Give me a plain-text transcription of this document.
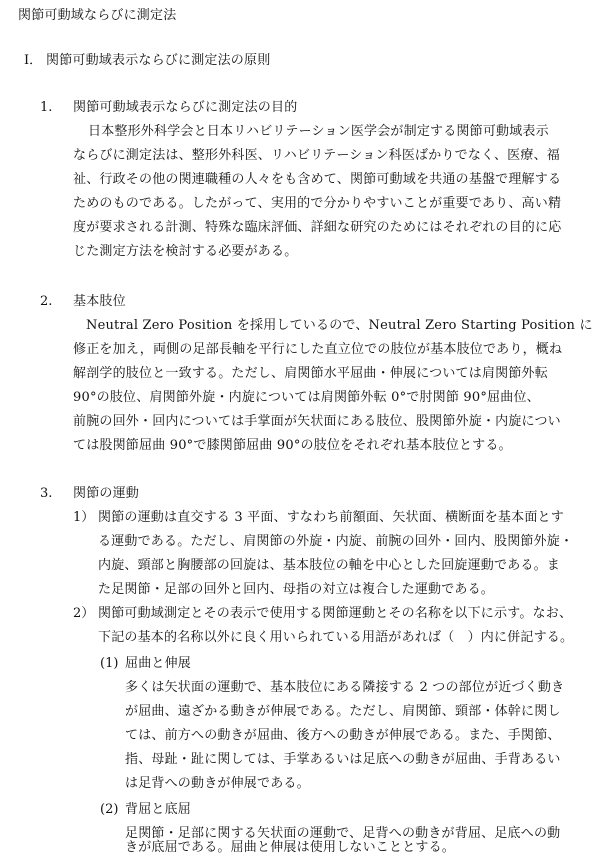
関節可動域ならびに測定法
I． 関節可動域表示ならびに測定法の原則
1. 関節可動域表示ならびに測定法の目的
日本整形外科学会と日本リハビリテーション医学会が制定する関節可動域表示
ならびに測定法は、整形外科医、リハビリテーション科医ばかりでなく、医療、福
祉、行政その他の関連職種の人々をも含めて、関節可動域を共通の基盤で理解する
ためのものである。したがって、実用的で分かりやすいことが重要であり、高い精
度が要求される計測、特殊な臨床評価、詳細な研究のためにはそれぞれの目的に応
じた測定方法を検討する必要がある。
2. 基本肢位
Neutral Zero Position を採用しているので、Neutral Zero Starting Position に
修正を加え，両側の足部長軸を平行にした直立位での肢位が基本肢位であり，概ね
解剖学的肢位と一致する。ただし、肩関節水平屈曲・伸展については肩関節外転
90°の肢位、肩関節外旋・内旋については肩関節外転 0°で肘関節 90°屈曲位、
前腕の回外・回内については手掌面が矢状面にある肢位、股関節外旋・内旋につい
ては股関節屈曲 90°で膝関節屈曲 90°の肢位をそれぞれ基本肢位とする。
3. 関節の運動
1） 関節の運動は直交する 3 平面、すなわち前額面、矢状面、横断面を基本面とす
る運動である。ただし、肩関節の外旋・内旋、前腕の回外・回内、股関節外旋・
内旋、頸部と胸腰部の回旋は、基本肢位の軸を中心とした回旋運動である。ま
た足関節・足部の回外と回内、母指の対立は複合した運動である。
2） 関節可動域測定とその表示で使用する関節運動とその名称を以下に示す。なお、
下記の基本的名称以外に良く用いられている用語があれば（　）内に併記する。
(1) 屈曲と伸展
多くは矢状面の運動で、基本肢位にある隣接する 2 つの部位が近づく動き
が屈曲、遠ざかる動きが伸展である。ただし、肩関節、頸部・体幹に関し
ては、前方への動きが屈曲、後方への動きが伸展である。また、手関節、
指、母趾・趾に関しては、手掌あるいは足底への動きが屈曲、手背あるい
は足背への動きが伸展である。
(2) 背屈と底屈
足関節・足部に関する矢状面の運動で、足背への動きが背屈、足底への動
きが底屈である。屈曲と伸展は使用しないこととする。
